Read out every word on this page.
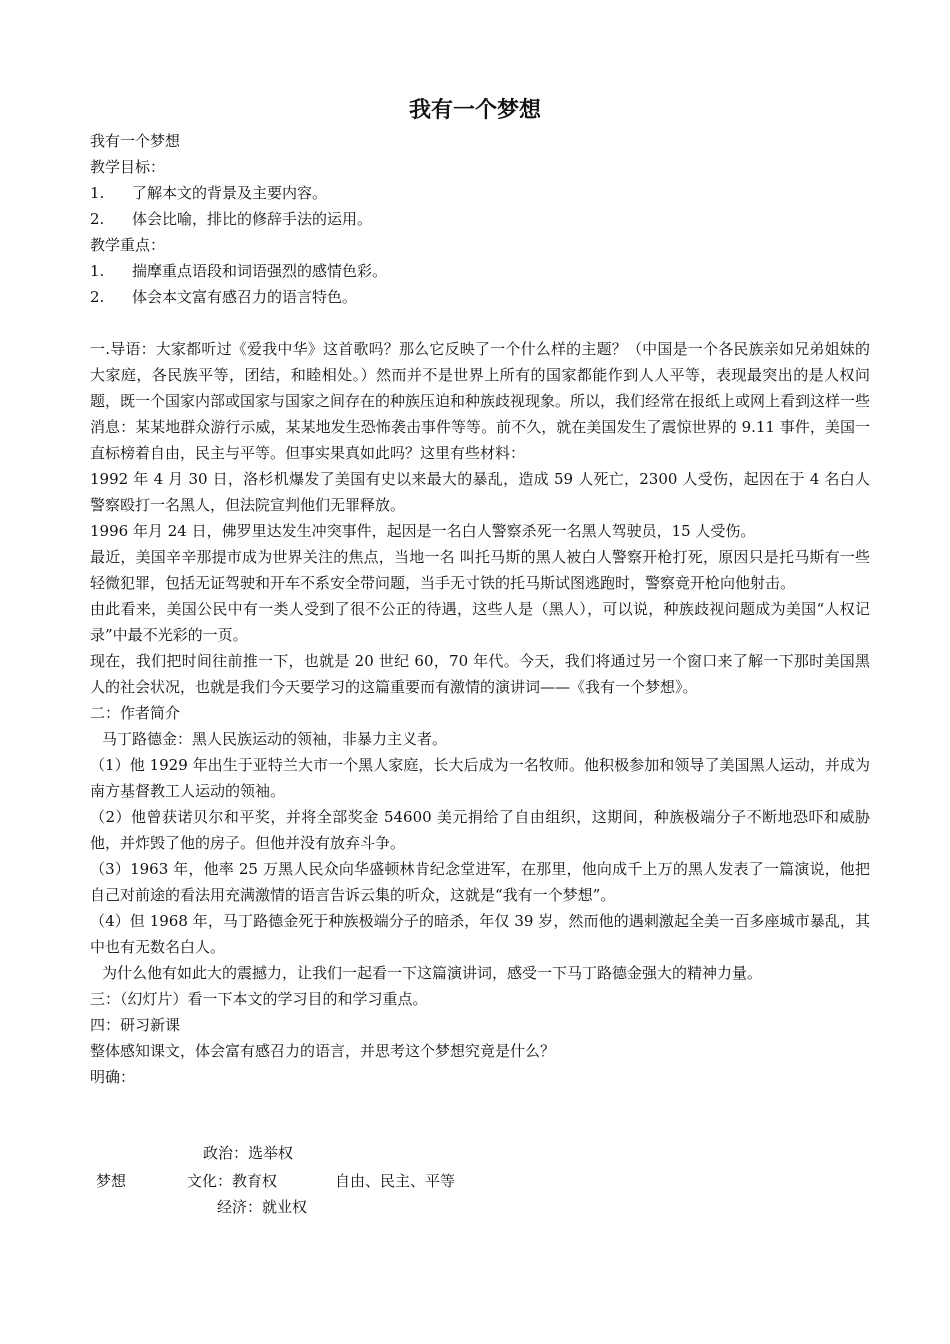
我有一个梦想

我有一个梦想

教学目标：

1. 了解本文的背景及主要内容。

2. 体会比喻，排比的修辞手法的运用。

教学重点：

1. 揣摩重点语段和词语强烈的感情色彩。

2. 体会本文富有感召力的语言特色。

一.导语：大家都听过《爱我中华》这首歌吗？那么它反映了一个什么样的主题？（中国是一个各民族亲如兄弟姐妹的大家庭，各民族平等，团结，和睦相处。）然而并不是世界上所有的国家都能作到人人平等，表现最突出的是人权问题，既一个国家内部或国家与国家之间存在的种族压迫和种族歧视现象。所以，我们经常在报纸上或网上看到这样一些消息：某某地群众游行示威，某某地发生恐怖袭击事件等等。前不久，就在美国发生了震惊世界的 9.11 事件，美国一直标榜着自由，民主与平等。但事实果真如此吗？这里有些材料：

1992 年 4 月 30 日，洛杉机爆发了美国有史以来最大的暴乱，造成 59 人死亡，2300 人受伤，起因在于 4 名白人警察殴打一名黑人，但法院宣判他们无罪释放。

1996 年月 24 日，佛罗里达发生冲突事件，起因是一名白人警察杀死一名黑人驾驶员，15 人受伤。

最近，美国辛辛那提市成为世界关注的焦点，当地一名 叫托马斯的黑人被白人警察开枪打死，原因只是托马斯有一些轻微犯罪，包括无证驾驶和开车不系安全带问题，当手无寸铁的托马斯试图逃跑时，警察竟开枪向他射击。

由此看来，美国公民中有一类人受到了很不公正的待遇，这些人是（黑人），可以说，种族歧视问题成为美国“人权记录”中最不光彩的一页。

现在，我们把时间往前推一下，也就是 20 世纪 60，70 年代。今天，我们将通过另一个窗口来了解一下那时美国黑人的社会状况，也就是我们今天要学习的这篇重要而有激情的演讲词——《我有一个梦想》。

二：作者简介

马丁路德金：黑人民族运动的领袖，非暴力主义者。

（1）他 1929 年出生于亚特兰大市一个黑人家庭，长大后成为一名牧师。他积极参加和领导了美国黑人运动，并成为南方基督教工人运动的领袖。

（2）他曾获诺贝尔和平奖，并将全部奖金 54600 美元捐给了自由组织，这期间，种族极端分子不断地恐吓和威胁他，并炸毁了他的房子。但他并没有放弃斗争。

（3）1963 年，他率 25 万黑人民众向华盛顿林肯纪念堂进军，在那里，他向成千上万的黑人发表了一篇演说，他把自己对前途的看法用充满激情的语言告诉云集的听众，这就是“我有一个梦想”。

（4）但 1968 年，马丁路德金死于种族极端分子的暗杀，年仅 39 岁，然而他的遇刺激起全美一百多座城市暴乱，其中也有无数名白人。

为什么他有如此大的震撼力，让我们一起看一下这篇演讲词，感受一下马丁路德金强大的精神力量。

三：（幻灯片）看一下本文的学习目的和学习重点。

四：研习新课

整体感知课文，体会富有感召力的语言，并思考这个梦想究竟是什么？

明确：

政治：选举权
梦想	文化：教育权	自由、民主、平等
经济：就业权
